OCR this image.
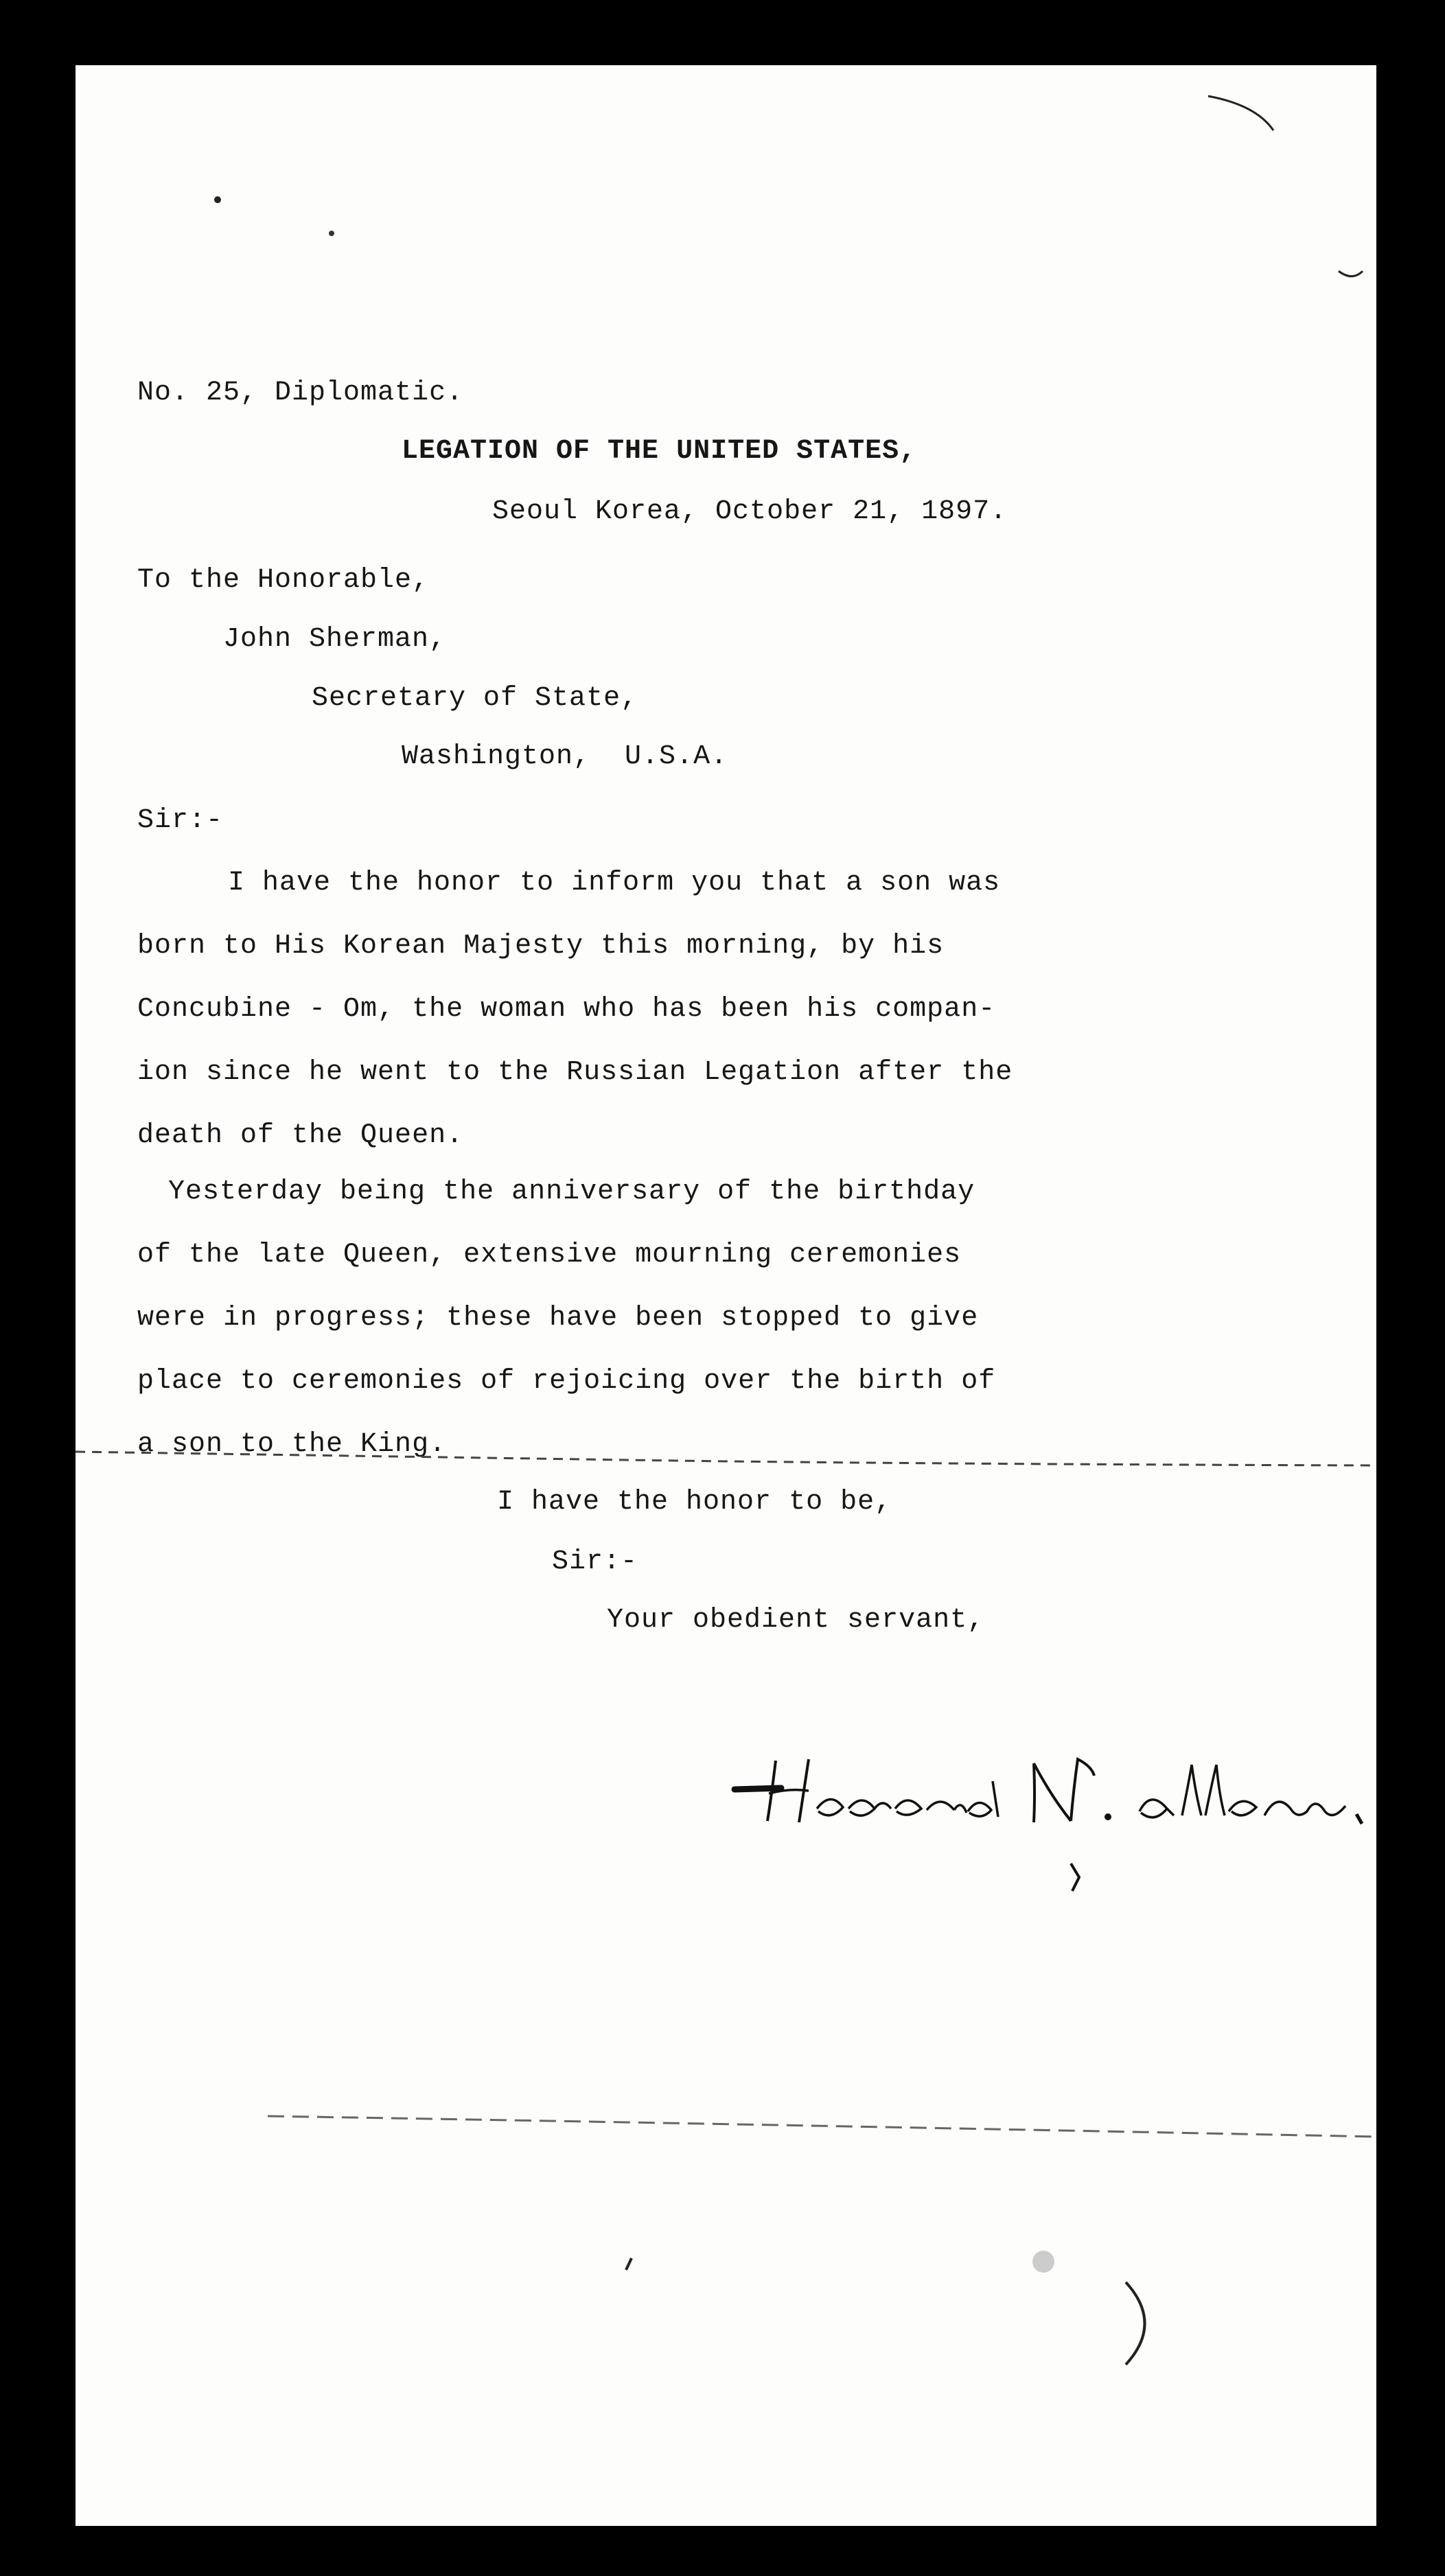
No. 25, Diplomatic.
LEGATION OF THE UNITED STATES,
Seoul Korea, October 21, 1897.
To the Honorable,
John Sherman,
Secretary of State,
Washington,  U.S.A.
Sir:-
I have the honor to inform you that a son was
born to His Korean Majesty this morning, by his
Concubine - Om, the woman who has been his compan-
ion since he went to the Russian Legation after the
death of the Queen.
Yesterday being the anniversary of the birthday
of the late Queen, extensive mourning ceremonies
were in progress; these have been stopped to give
place to ceremonies of rejoicing over the birth of
a son to the King.
I have the honor to be,
Sir:-
Your obedient servant,
